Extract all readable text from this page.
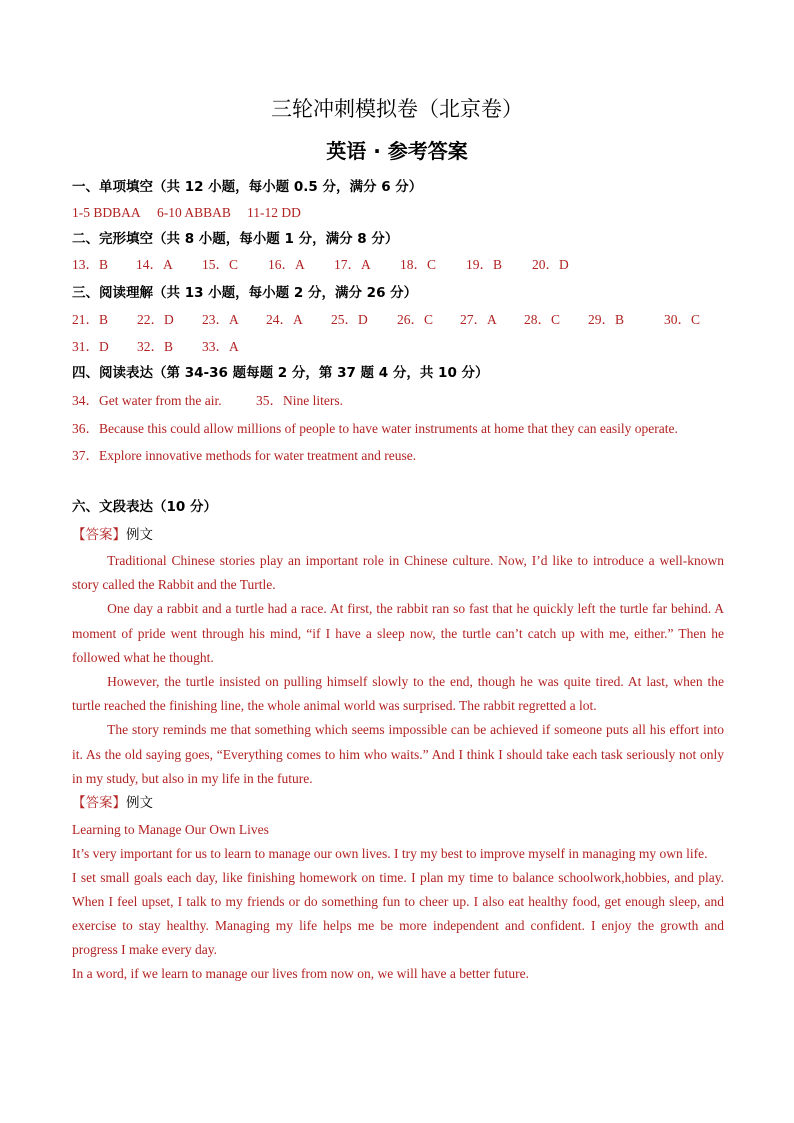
三轮冲刺模拟卷（北京卷）
英语 · 参考答案
一、单项填空（共 12 小题，每小题 0.5 分，满分 6 分）
1-5 BDBAA 6-10 ABBAB 11-12 DD
二、完形填空（共 8 小题，每小题 1 分，满分 8 分）
13．B 14．A 15．C 16．A 17．A 18．C 19．B 20．D
三、阅读理解（共 13 小题，每小题 2 分，满分 26 分）
21．B 22．D 23．A 24．A 25．D 26．C 27．A 28．C 29．B	30．C
31．D 32．B 33．A
四、阅读表达（第 34-36 题每题 2 分，第 37 题 4 分，共 10 分）
34．Get water from the air.	35．Nine liters.
36．Because this could allow millions of people to have water instruments at home that they can easily operate.
37．Explore innovative methods for water treatment and reuse.
六、文段表达（10 分）
【答案】例文

Traditional Chinese stories play an important role in Chinese culture. Now, I’d like to introduce a well-known story called the Rabbit and the Turtle.

One day a rabbit and a turtle had a race. At first, the rabbit ran so fast that he quickly left the turtle far behind. A moment of pride went through his mind, “if I have a sleep now, the turtle can’t catch up with me, either.” Then he followed what he thought.

However, the turtle insisted on pulling himself slowly to the end, though he was quite tired. At last, when the turtle reached the finishing line, the whole animal world was surprised. The rabbit regretted a lot.

The story reminds me that something which seems impossible can be achieved if someone puts all his effort into it. As the old saying goes, “Everything comes to him who waits.” And I think I should take each task seriously not only in my study, but also in my life in the future.

【答案】例文

Learning to Manage Our Own Lives

It’s very important for us to learn to manage our own lives. I try my best to improve myself in managing my own life.

I set small goals each day, like finishing homework on time. I plan my time to balance schoolwork,hobbies, and play. When I feel upset, I talk to my friends or do something fun to cheer up. I also eat healthy food, get enough sleep, and exercise to stay healthy. Managing my life helps me be more independent and confident. I enjoy the growth and progress I make every day.

In a word, if we learn to manage our lives from now on, we will have a better future.
